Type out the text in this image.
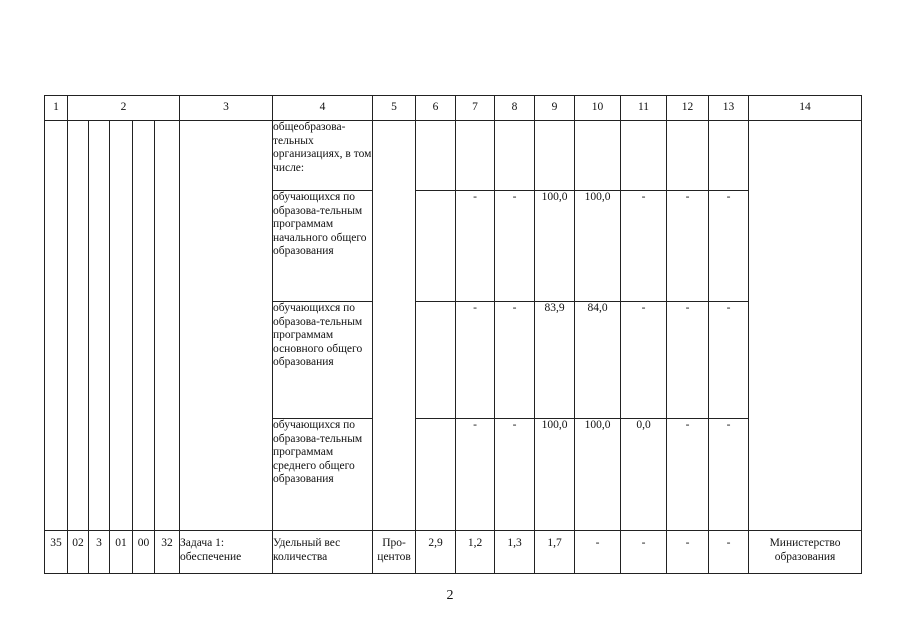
1	2					3	4	5	6	7	8	9	10	11	12	13	14
							общеобразова-тельных организациях, в том числе:										
							обучающихся по образова-тельным программам начального общего образования			-	-	100,0	100,0	-	-	-	
							обучающихся по образова-тельным программам основного общего образования			-	-	83,9	84,0	-	-	-	
							обучающихся по образова-тельным программам среднего общего образования			-	-	100,0	100,0	0,0	-	-	
35	02	3	01	00	32	Задача 1: обеспечение	Удельный вес количества	Про-центов	2,9	1,2	1,3	1,7	-	-	-	-	Министерство образования
2
